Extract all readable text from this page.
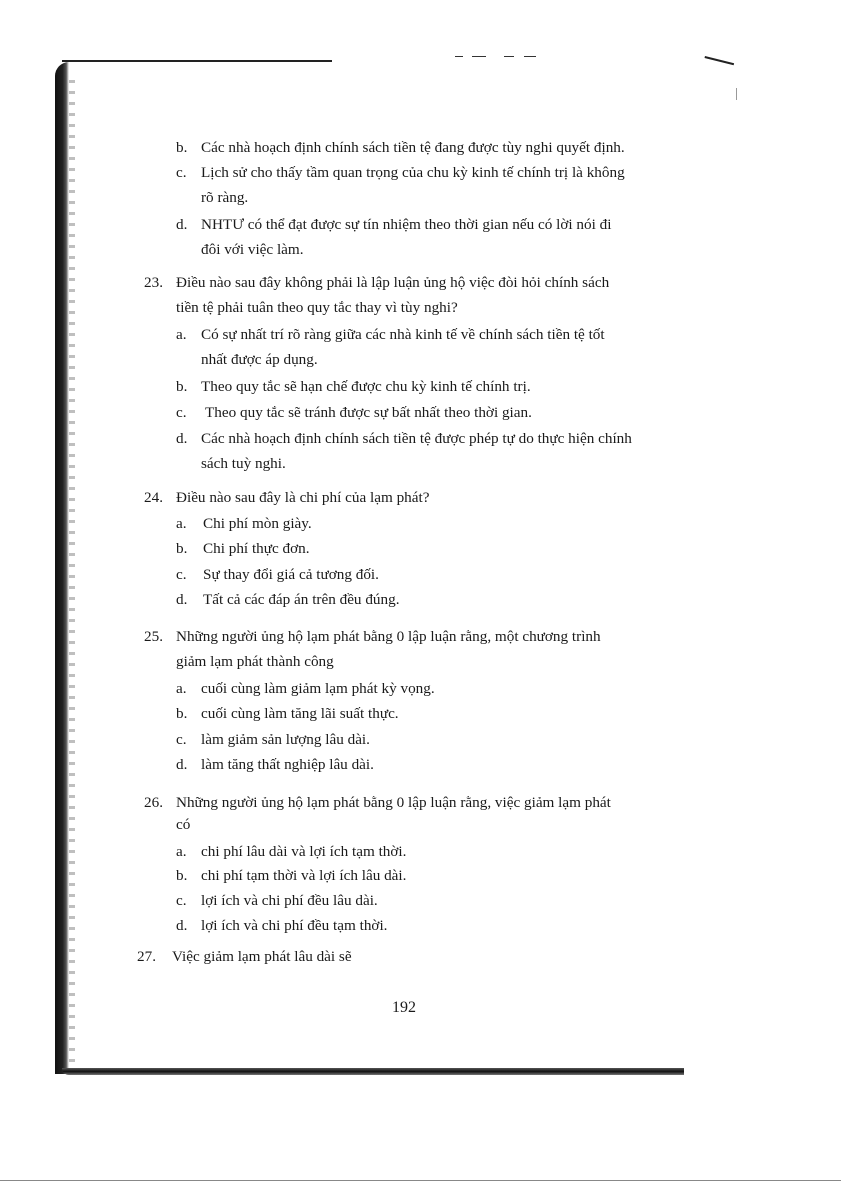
b. Các nhà hoạch định chính sách tiền tệ đang được tùy nghi quyết định.
c. Lịch sử cho thấy tầm quan trọng của chu kỳ kinh tế chính trị là không
rõ ràng.
d. NHTƯ có thể đạt được sự tín nhiệm theo thời gian nếu có lời nói đi
đôi với việc làm.
23. Điều nào sau đây không phải là lập luận ủng hộ việc đòi hỏi chính sách
tiền tệ phải tuân theo quy tắc thay vì tùy nghi?
a. Có sự nhất trí rõ ràng giữa các nhà kinh tế về chính sách tiền tệ tốt
nhất được áp dụng.
b. Theo quy tắc sẽ hạn chế được chu kỳ kinh tế chính trị.
c. Theo quy tắc sẽ tránh được sự bất nhất theo thời gian.
d. Các nhà hoạch định chính sách tiền tệ được phép tự do thực hiện chính
sách tuỳ nghi.
24. Điều nào sau đây là chi phí của lạm phát?
a. Chi phí mòn giày.
b. Chi phí thực đơn.
c. Sự thay đổi giá cả tương đối.
d. Tất cả các đáp án trên đều đúng.
25. Những người ủng hộ lạm phát bằng 0 lập luận rằng, một chương trình
giảm lạm phát thành công
a. cuối cùng làm giảm lạm phát kỳ vọng.
b. cuối cùng làm tăng lãi suất thực.
c. làm giảm sản lượng lâu dài.
d. làm tăng thất nghiệp lâu dài.
26. Những người ủng hộ lạm phát bằng 0 lập luận rằng, việc giảm lạm phát
có
a. chi phí lâu dài và lợi ích tạm thời.
b. chi phí tạm thời và lợi ích lâu dài.
c. lợi ích và chi phí đều lâu dài.
d. lợi ích và chi phí đều tạm thời.
27. Việc giảm lạm phát lâu dài sẽ
192
